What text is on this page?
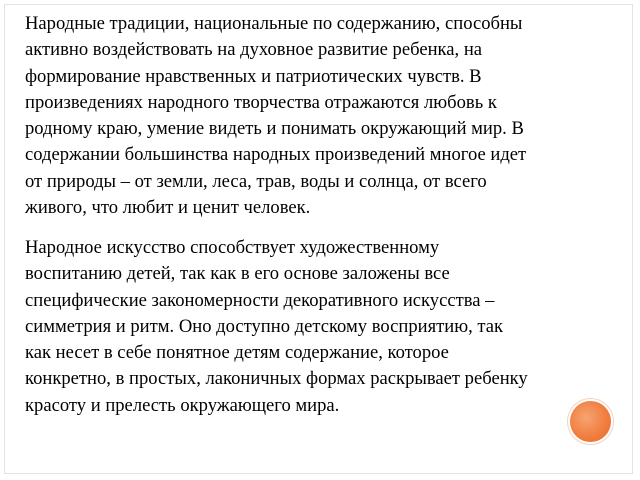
Народные традиции, национальные по содержанию, способны
активно воздействовать на духовное развитие ребенка, на
формирование нравственных и патриотических чувств. В
произведениях народного творчества отражаются любовь к
родному краю, умение видеть и понимать окружающий мир. В
содержании большинства народных произведений многое идет
от природы – от земли, леса, трав, воды и солнца, от всего
живого, что любит и ценит человек.

Народное искусство способствует художественному
воспитанию детей, так как в его основе заложены все
специфические закономерности декоративного искусства –
симметрия и ритм. Оно доступно детскому восприятию, так
как несет в себе понятное детям содержание, которое
конкретно, в простых, лаконичных формах раскрывает ребенку
красоту и прелесть окружающего мира.
